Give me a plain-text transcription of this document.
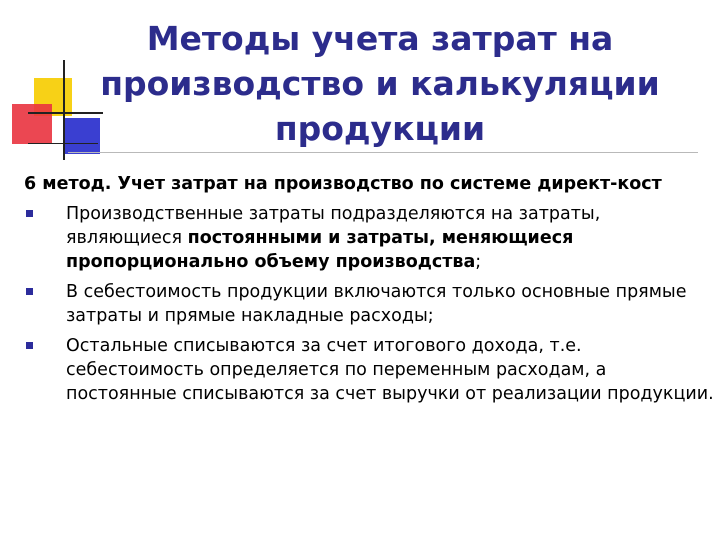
Методы учета затрат на производство и калькуляции продукции

6 метод. Учет затрат на производство по системе директ-кост

Производственные затраты подразделяются на затраты, являющиеся постоянными и затраты, меняющиеся пропорционально объему производства;
В себестоимость продукции включаются только основные прямые затраты и прямые накладные расходы;
Остальные списываются за счет итогового дохода, т.е. себестоимость определяется по переменным расходам, а постоянные списываются за счет выручки от реализации продукции.
